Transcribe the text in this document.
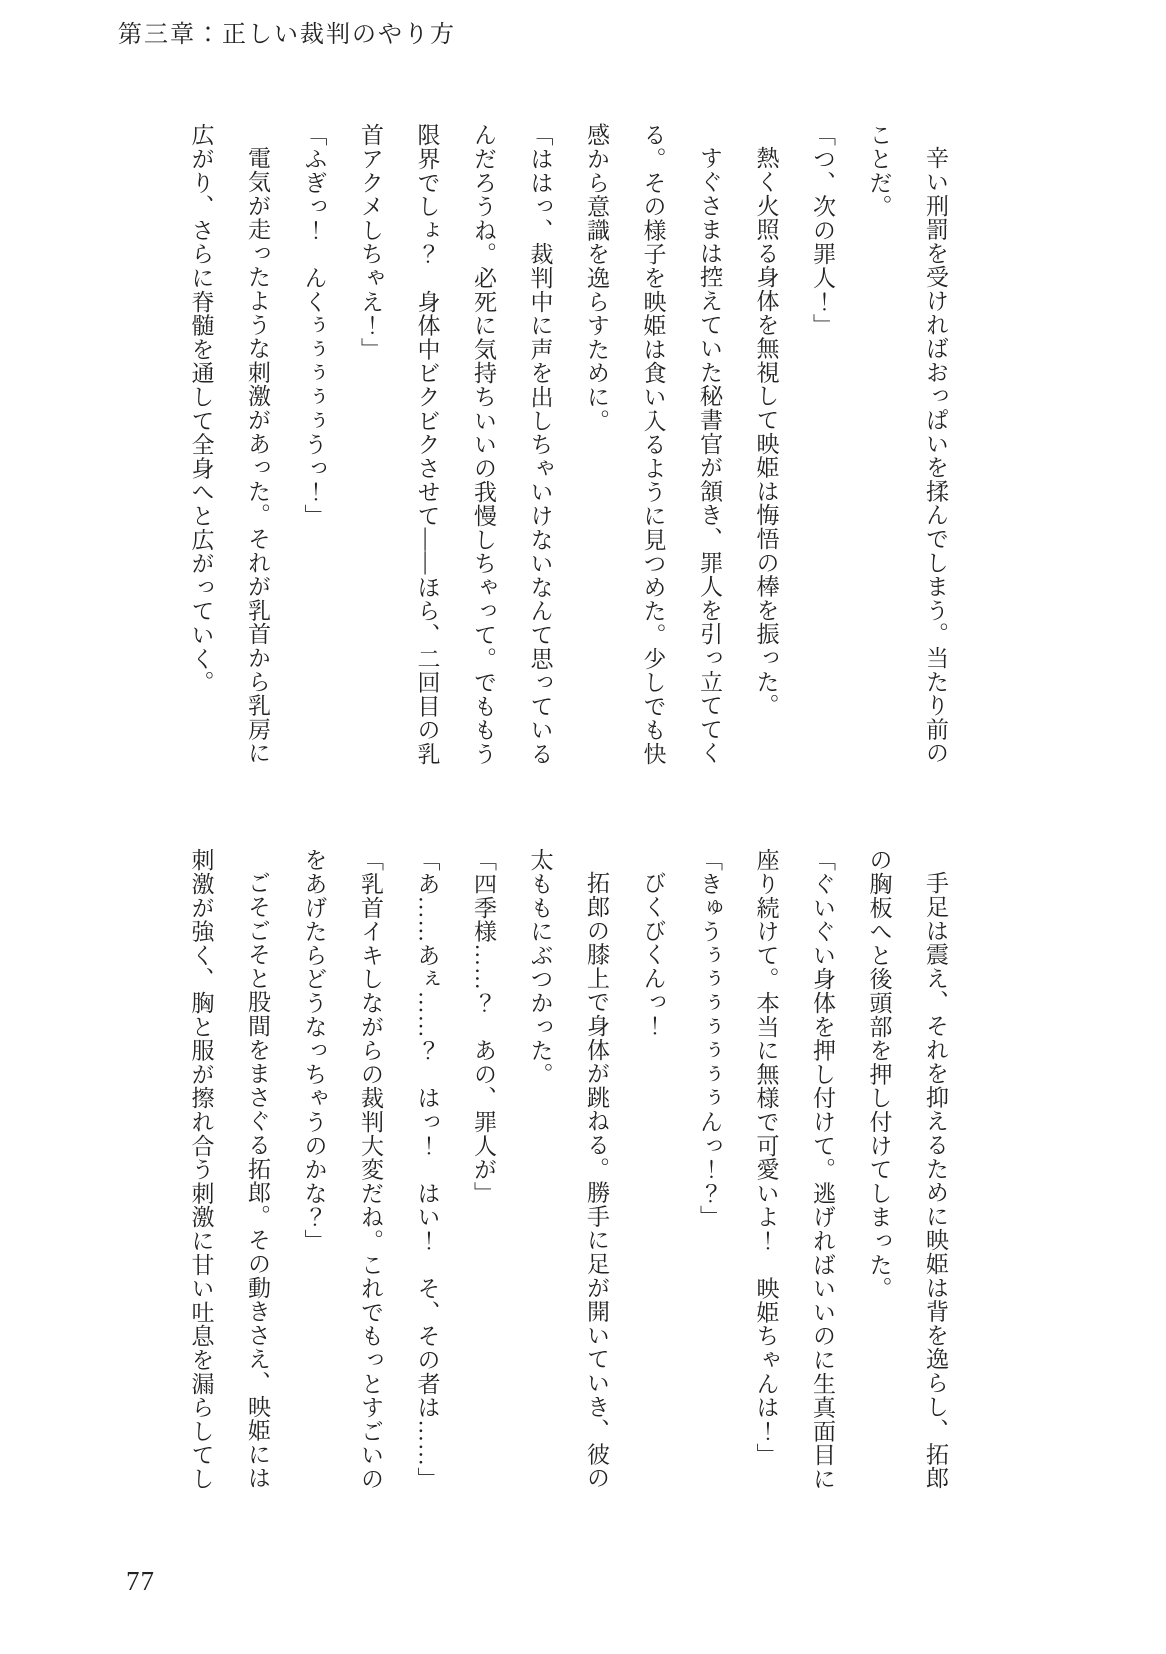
第三章：正しい裁判のやり方

辛い刑罰を受ければおっぱいを揉んでしまう。当たり前の

ことだ。

「つ、次の罪人！」

熱く火照る身体を無視して映姫は悔悟の棒を振った。

すぐさまは控えていた秘書官が頷き、罪人を引っ立ててく

る。その様子を映姫は食い入るように見つめた。少しでも快

感から意識を逸らすために。

「ははっ、裁判中に声を出しちゃいけないなんて思っている

んだろうね。必死に気持ちいいの我慢しちゃって。でももう

限界でしょ？　身体中ビクビクさせて――ほら、二回目の乳

首アクメしちゃえ！」

「ふぎっ！　んくぅぅぅぅぅうっ！」

電気が走ったような刺激があった。それが乳首から乳房に

広がり、さらに脊髄を通して全身へと広がっていく。

手足は震え、それを抑えるために映姫は背を逸らし、拓郎

の胸板へと後頭部を押し付けてしまった。

「ぐいぐい身体を押し付けて。逃げればいいのに生真面目に

座り続けて。本当に無様で可愛いよ！　映姫ちゃんは！」

「きゅうぅぅぅぅぅぅぅんっ！？」

びくびくんっ！

拓郎の膝上で身体が跳ねる。勝手に足が開いていき、彼の

太ももにぶつかった。

「四季様……？　あの、罪人が」

「あ……あぇ……？　はっ！　はい！　そ、その者は……」

「乳首イキしながらの裁判大変だね。これでもっとすごいの

をあげたらどうなっちゃうのかな？」

ごそごそと股間をまさぐる拓郎。その動きさえ、映姫には

刺激が強く、胸と服が擦れ合う刺激に甘い吐息を漏らしてし

77
